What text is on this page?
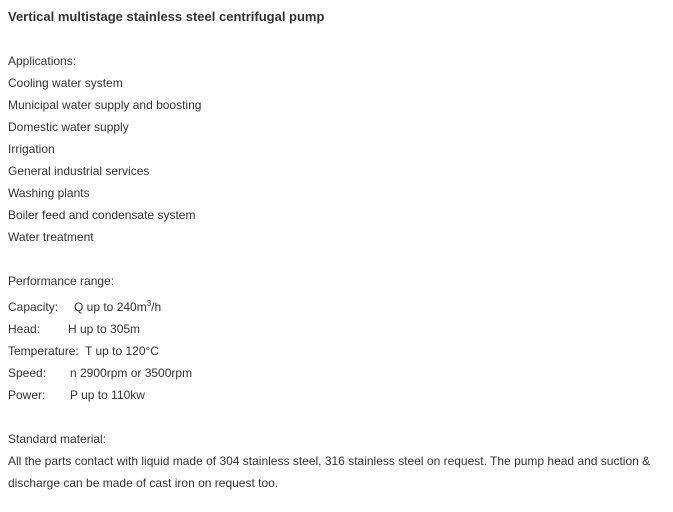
Vertical multistage stainless steel centrifugal pump
Applications:
Cooling water system
Municipal water supply and boosting
Domestic water supply
Irrigation
General industrial services
Washing plants
Boiler feed and condensate system
Water treatment
Performance range:
Capacity: Q up to $240m^3/h$
Head: H up to 305m
Temperature: T up to 120°C
Speed: n 2900rpm or 3500rpm
Power: P up to 110kw
Standard material:
All the parts contact with liquid made of 304 stainless steel, 316 stainless steel on request. The pump head and suction & discharge can be made of cast iron on request too.
